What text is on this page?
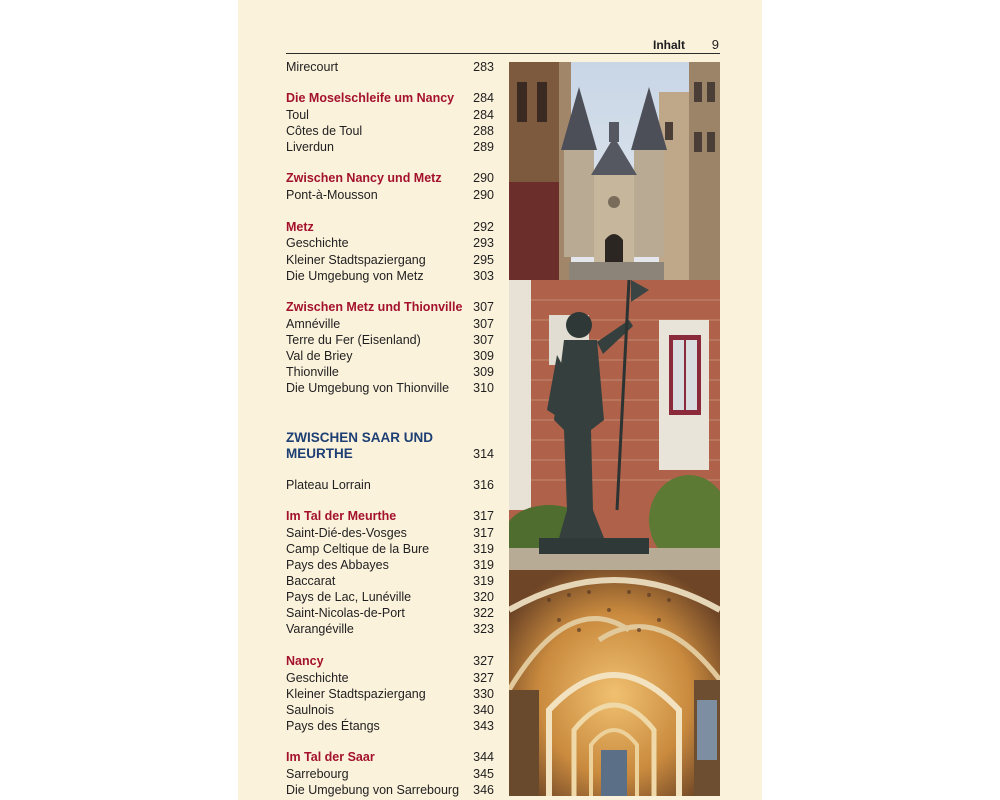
Inhalt 9
Mirecourt	283
Die Moselschleife um Nancy 284
Toul	284
Côtes de Toul	288
Liverdun	289
Zwischen Nancy und Metz	290
Pont-à-Mousson	290
Metz	292
Geschichte	293
Kleiner Stadtspaziergang	295
Die Umgebung von Metz	303
Zwischen Metz und Thionville 307
Amnéville	307
Terre du Fer (Eisenland)	307
Val de Briey	309
Thionville	309
Die Umgebung von Thionville 310
ZWISCHEN SAAR UND
MEURTHE	314
Plateau Lorrain	316
Im Tal der Meurthe	317
Saint-Dié-des-Vosges	317
Camp Celtique de la Bure	319
Pays des Abbayes	319
Baccarat	319
Pays de Lac, Lunéville	320
Saint-Nicolas-de-Port	322
Varangéville	323
Nancy	327
Geschichte	327
Kleiner Stadtspaziergang	330
Saulnois	340
Pays des Étangs	343
Im Tal der Saar	344
Sarrebourg	345
Die Umgebung von Sarrebourg 346
